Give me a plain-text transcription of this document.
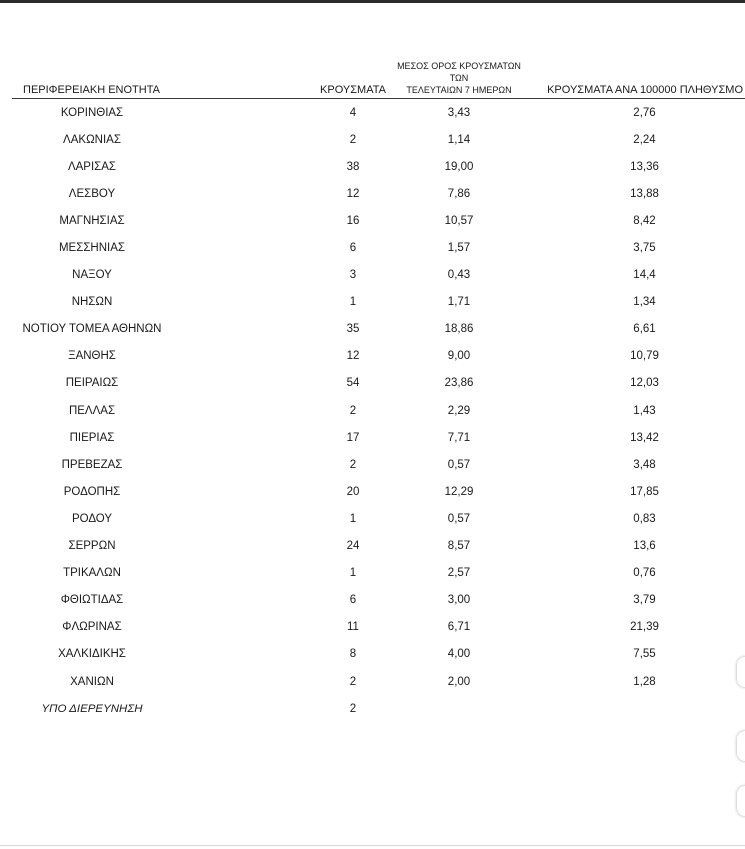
ΠΕΡΙΦΕΡΕΙΑΚΗ ΕΝΟΤΗΤΑ	ΚΡΟΥΣΜΑΤΑ	ΜΕΣΟΣ ΟΡΟΣ ΚΡΟΥΣΜΑΤΩΝ ΤΩΝ
ΤΕΛΕΥΤΑΙΩΝ 7 ΗΜΕΡΩΝ	ΚΡΟΥΣΜΑΤΑ ΑΝΑ 100000 ΠΛΗΘΥΣΜΟ
ΚΟΡΙΝΘΙΑΣ	4	3,43	2,76
ΛΑΚΩΝΙΑΣ	2	1,14	2,24
ΛΑΡΙΣΑΣ	38	19,00	13,36
ΛΕΣΒΟΥ	12	7,86	13,88
ΜΑΓΝΗΣΙΑΣ	16	10,57	8,42
ΜΕΣΣΗΝΙΑΣ	6	1,57	3,75
ΝΑΞΟΥ	3	0,43	14,4
ΝΗΣΩΝ	1	1,71	1,34
ΝΟΤΙΟΥ ΤΟΜΕΑ ΑΘΗΝΩΝ	35	18,86	6,61
ΞΑΝΘΗΣ	12	9,00	10,79
ΠΕΙΡΑΙΩΣ	54	23,86	12,03
ΠΕΛΛΑΣ	2	2,29	1,43
ΠΙΕΡΙΑΣ	17	7,71	13,42
ΠΡΕΒΕΖΑΣ	2	0,57	3,48
ΡΟΔΟΠΗΣ	20	12,29	17,85
ΡΟΔΟΥ	1	0,57	0,83
ΣΕΡΡΩΝ	24	8,57	13,6
ΤΡΙΚΑΛΩΝ	1	2,57	0,76
ΦΘΙΩΤΙΔΑΣ	6	3,00	3,79
ΦΛΩΡΙΝΑΣ	11	6,71	21,39
ΧΑΛΚΙΔΙΚΗΣ	8	4,00	7,55
ΧΑΝΙΩΝ	2	2,00	1,28
ΥΠΟ ΔΙΕΡΕΥΝΗΣΗ	2		
